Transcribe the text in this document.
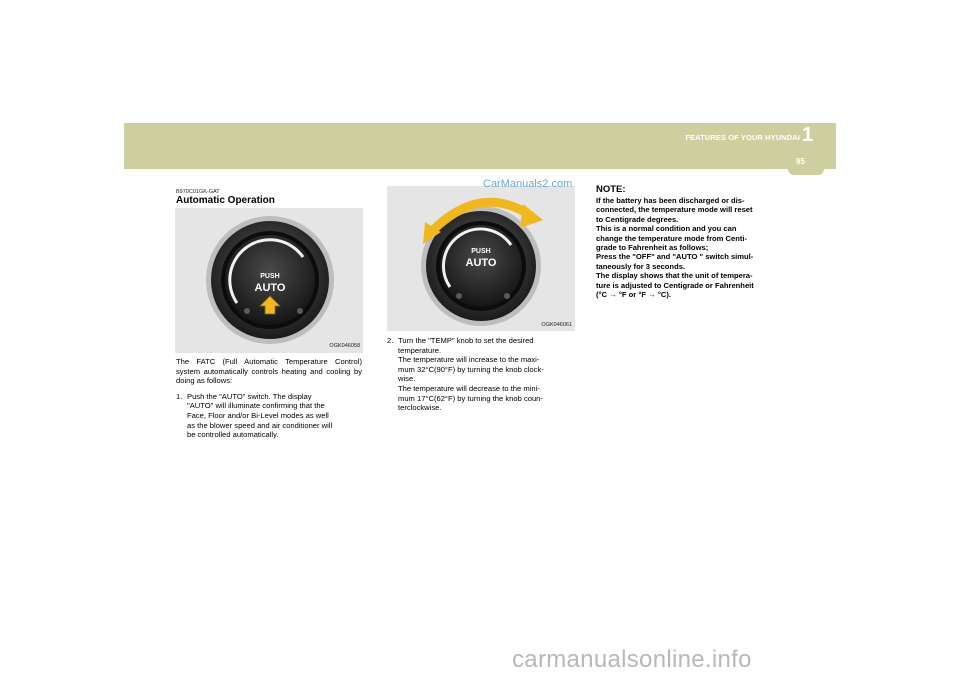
FEATURES OF YOUR HYUNDAI 1
95
B970C01GK-GAT
Automatic Operation
PUSH
AUTO
OGK046058
The FATC (Full Automatic Temperature Control) system automatically controls heating and cooling by doing as follows:
1. Push the "AUTO" switch. The display
"AUTO" will illuminate confirming that the
Face, Floor and/or Bi-Level modes as well
as the blower speed and air conditioner will
be controlled automatically.
PUSH
AUTO
OGK046061
2. Turn the "TEMP" knob to set the desired
temperature.
The temperature will increase to the maxi-
mum 32°C(90°F) by turning the knob clock-
wise.
The temperature will decrease to the mini-
mum 17°C(62°F) by turning the knob coun-
terclockwise.
NOTE:
If the battery has been discharged or dis-
connected, the temperature mode will reset
to Centigrade degrees.
This is a normal condition and you can
change the temperature mode from Centi-
grade to Fahrenheit as follows;
Press the "OFF" and "AUTO " switch simul-
taneously for 3 seconds.
The display shows that the unit of tempera-
ture is adjusted to Centigrade or Fahrenheit
(°C → °F or °F → °C).
CarManuals2.com
carmanualsonline.info
